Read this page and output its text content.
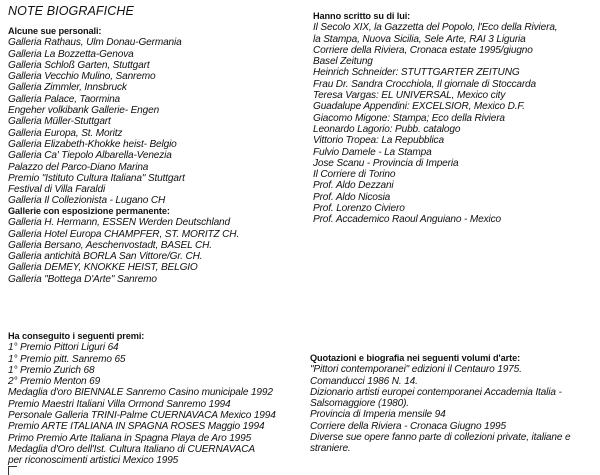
NOTE BIOGRAFICHE
Alcune sue personali:
Galleria Rathaus, Ulm Donau-Germania
Galleria La Bozzetta-Genova
Galleria Schloß Garten, Stuttgart
Galleria Vecchio Mulino, Sanremo
Galleria Zimmler, Innsbruck
Galleria Palace, Taormina
Engeher volkibank Gallerie- Engen
Galleria Müller-Stuttgart
Galleria Europa, St. Moritz
Galleria Elizabeth-Khokke heist- Belgio
Galleria Ca' Tiepolo Albarella-Venezia
Palazzo del Parco-Diano Marina
Premio "Istituto Cultura Italiana" Stuttgart
Festival di Villa Faraldi
Galleria Il Collezionista - Lugano CH
Gallerie con esposizione permanente:
Galleria H. Hermann, ESSEN Werden Deutschland
Galleria Hotel Europa CHAMPFER, ST. MORITZ CH.
Galleria Bersano, Aeschenvostadt, BASEL CH.
Galleria antichità BORLA San Vittore/Gr. CH.
Galleria DEMEY, KNOKKE HEIST, BELGIO
Galleria "Bottega D'Arte" Sanremo
Hanno scritto su di lui:
Il Secolo XIX, la Gazzetta del Popolo, l'Eco della Riviera,
la Stampa, Nuova Sicilia, Sele Arte, RAI 3 Liguria
Corriere della Riviera, Cronaca estate 1995/giugno
Basel Zeitung
Heinrich Schneider: STUTTGARTER ZEITUNG
Frau Dr. Sandra Crocchiola, Il giornale di Stoccarda
Teresa Vargas: EL UNIVERSAL, Mexico city
Guadalupe Appendini: EXCELSIOR, Mexico D.F.
Giacomo Migone: Stampa; Eco della Riviera
Leonardo Lagorio: Pubb. catalogo
Vittorio Tropea: La Repubblica
Fulvio Damele - La Stampa
Jose Scanu - Provincia di Imperia
Il Corriere di Torino
Prof. Aldo Dezzani
Prof. Aldo Nicosia
Prof. Lorenzo Civiero
Prof. Accademico Raoul Anguiano - Mexico
Ha conseguito i seguenti premi:
1° Premio Pittori Liguri 64
1° Premio pitt. Sanremo 65
1° Premio Zurich 68
2° Premio Menton 69
Medaglia d'oro BIENNALE Sanremo Casino municipale 1992
Premio Maestri Italiani Villa Ormond Sanremo 1994
Personale Galleria TRINI-Palme CUERNAVACA Mexico 1994
Premio ARTE ITALIANA IN SPAGNA ROSES Maggio 1994
Primo Premio Arte Italiana in Spagna Playa de Aro 1995
Medaglia d'Oro dell'Ist. Cultura Italiano di CUERNAVACA
per riconoscimenti artistici Mexico 1995
Quotazioni e biografia nei seguenti volumi d'arte:
"Pittori contemporanei" edizioni il Centauro 1975.
Comanducci 1986 N. 14.
Dizionario artisti europei contemporanei Accademia Italia -
Salsomaggiore (1980).
Provincia di Imperia mensile 94
Corriere della Riviera - Cronaca Giugno 1995
Diverse sue opere fanno parte di collezioni private, italiane e
straniere.
